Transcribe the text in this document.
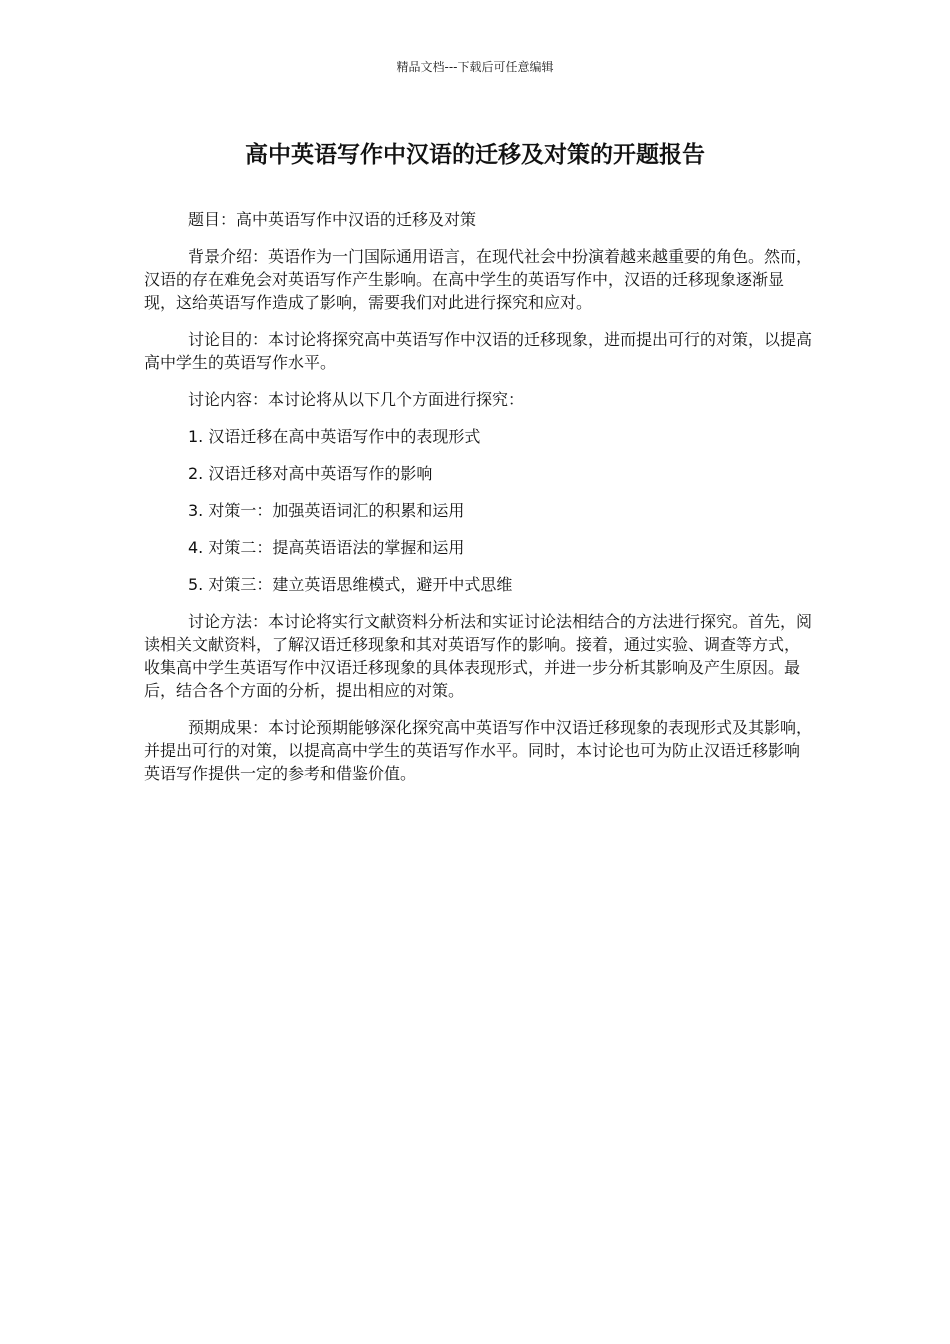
精品文档---下载后可任意编辑
高中英语写作中汉语的迁移及对策的开题报告

题目：高中英语写作中汉语的迁移及对策

背景介绍：英语作为一门国际通用语言，在现代社会中扮演着越来越重要的角色。然而，汉语的存在难免会对英语写作产生影响。在高中学生的英语写作中，汉语的迁移现象逐渐显现，这给英语写作造成了影响，需要我们对此进行探究和应对。

讨论目的：本讨论将探究高中英语写作中汉语的迁移现象，进而提出可行的对策，以提高高中学生的英语写作水平。

讨论内容：本讨论将从以下几个方面进行探究：

1. 汉语迁移在高中英语写作中的表现形式

2. 汉语迁移对高中英语写作的影响

3. 对策一：加强英语词汇的积累和运用

4. 对策二：提高英语语法的掌握和运用

5. 对策三：建立英语思维模式，避开中式思维

讨论方法：本讨论将实行文献资料分析法和实证讨论法相结合的方法进行探究。首先，阅读相关文献资料，了解汉语迁移现象和其对英语写作的影响。接着，通过实验、调查等方式，收集高中学生英语写作中汉语迁移现象的具体表现形式，并进一步分析其影响及产生原因。最后，结合各个方面的分析，提出相应的对策。

预期成果：本讨论预期能够深化探究高中英语写作中汉语迁移现象的表现形式及其影响，并提出可行的对策，以提高高中学生的英语写作水平。同时，本讨论也可为防止汉语迁移影响英语写作提供一定的参考和借鉴价值。
